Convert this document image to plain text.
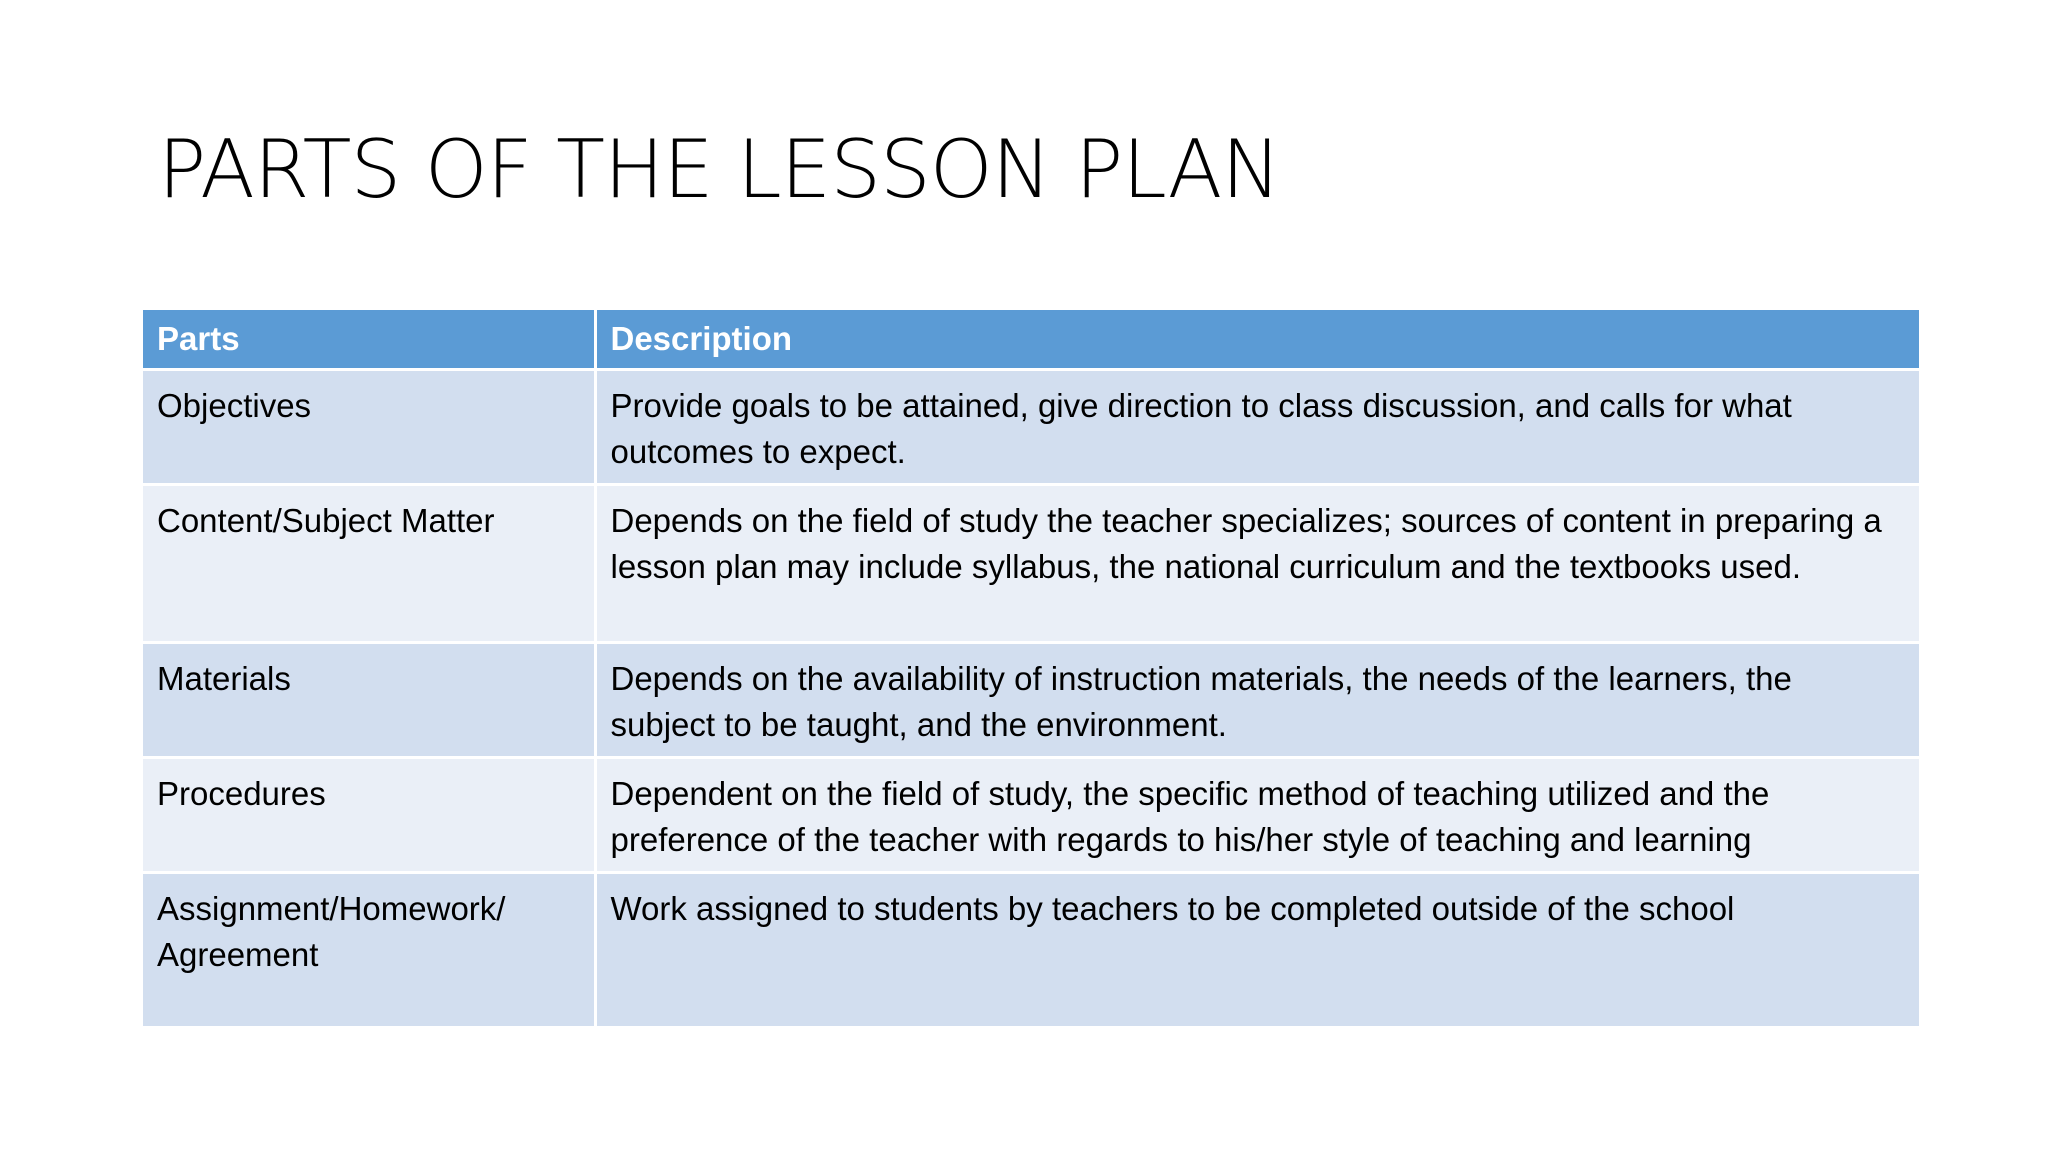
PARTS OF THE LESSON PLAN
Parts	Description
Objectives	Provide goals to be attained, give direction to class discussion, and calls for what outcomes to expect.
Content/Subject Matter	Depends on the field of study the teacher specializes; sources of content in preparing a lesson plan may include syllabus, the national curriculum and the textbooks used.
Materials	Depends on the availability of instruction materials, the needs of the learners, the subject to be taught, and the environment.
Procedures	Dependent on the field of study, the specific method of teaching utilized and the preference of the teacher with regards to his/her style of teaching and learning
Assignment/Homework/ Agreement	Work assigned to students by teachers to be completed outside of the school
